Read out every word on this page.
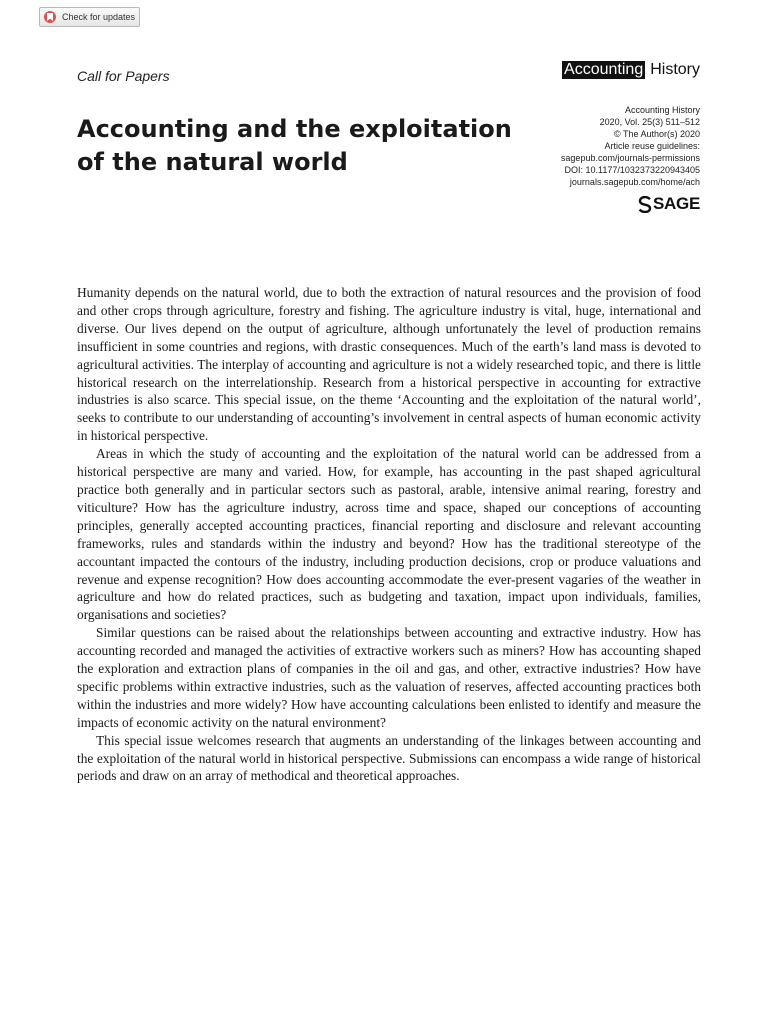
Check for updates
Call for Papers	Accounting History
Accounting and the exploitation
of the natural world
Accounting History
2020, Vol. 25(3) 511–512
© The Author(s) 2020
Article reuse guidelines:
sagepub.com/journals-permissions
DOI: 10.1177/1032373220943405
journals.sagepub.com/home/ach
SAGE

Humanity depends on the natural world, due to both the extraction of natural resources and the provision of food and other crops through agriculture, forestry and fishing. The agriculture industry is vital, huge, international and diverse. Our lives depend on the output of agriculture, although unfortunately the level of production remains insufficient in some countries and regions, with drastic consequences. Much of the earth’s land mass is devoted to agricultural activities. The interplay of accounting and agriculture is not a widely researched topic, and there is little historical research on the interrelationship. Research from a historical perspective in accounting for extractive industries is also scarce. This special issue, on the theme ‘Accounting and the exploitation of the natural world’, seeks to contribute to our understanding of accounting’s involvement in central aspects of human economic activity in historical perspective.

Areas in which the study of accounting and the exploitation of the natural world can be addressed from a historical perspective are many and varied. How, for example, has accounting in the past shaped agricultural practice both generally and in particular sectors such as pastoral, arable, intensive animal rearing, forestry and viticulture? How has the agriculture industry, across time and space, shaped our conceptions of accounting principles, generally accepted accounting practices, financial reporting and disclosure and relevant accounting frameworks, rules and standards within the industry and beyond? How has the traditional stereotype of the accountant impacted the contours of the industry, including production decisions, crop or produce valuations and revenue and expense recognition? How does accounting accommodate the ever-present vagaries of the weather in agriculture and how do related practices, such as budgeting and taxation, impact upon individuals, families, organisations and societies?

Similar questions can be raised about the relationships between accounting and extractive industry. How has accounting recorded and managed the activities of extractive workers such as miners? How has accounting shaped the exploration and extraction plans of companies in the oil and gas, and other, extractive industries? How have specific problems within extractive industries, such as the valuation of reserves, affected accounting practices both within the industries and more widely? How have accounting calculations been enlisted to identify and measure the impacts of economic activity on the natural environment?

This special issue welcomes research that augments an understanding of the linkages between accounting and the exploitation of the natural world in historical perspective. Submissions can encompass a wide range of historical periods and draw on an array of methodical and theoretical approaches.
